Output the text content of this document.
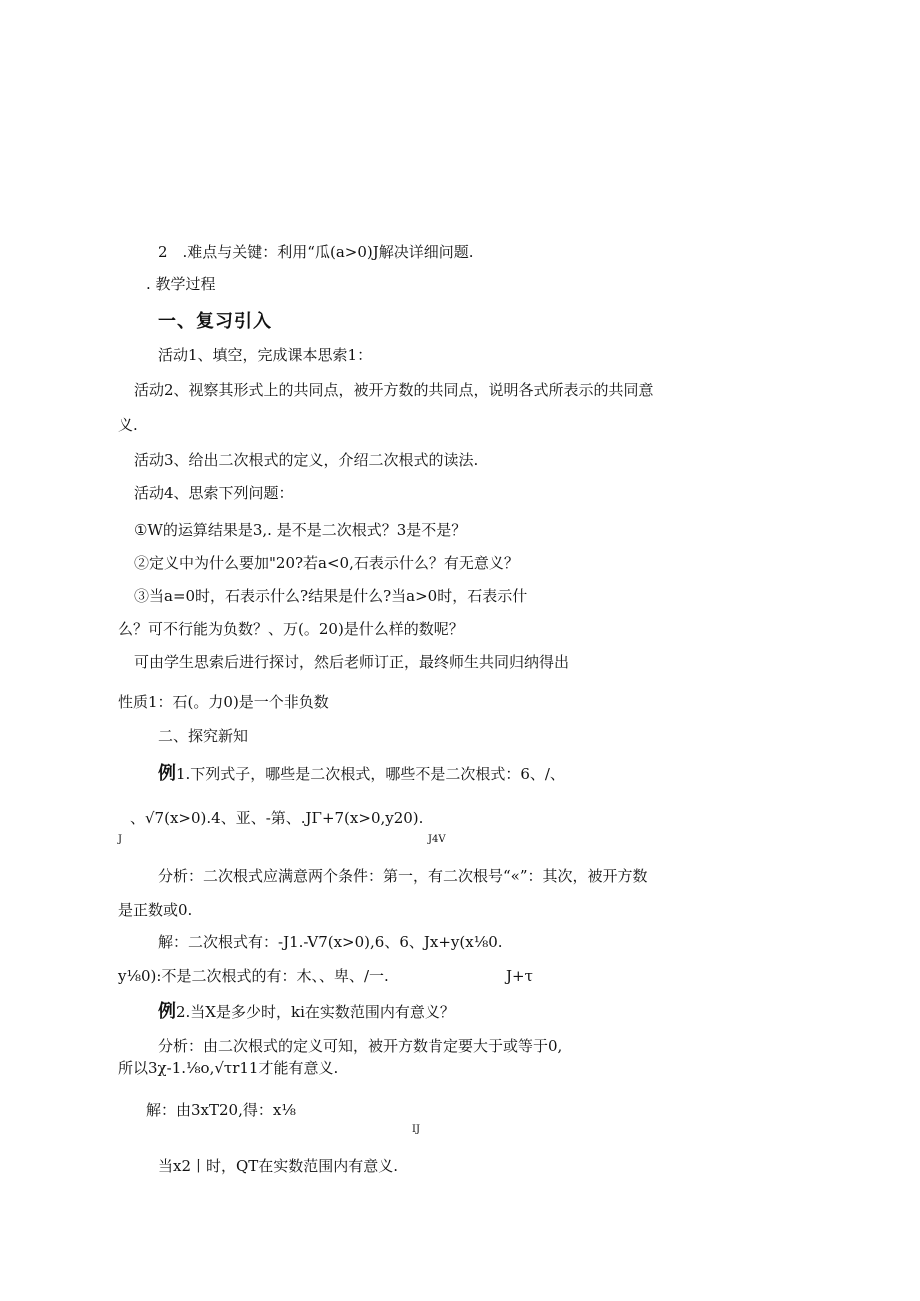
2　.难点与关键：利用“瓜(a>0)J解决详细问题.
. 教学过程
一、复习引入
活动1、填空，完成课本思索1：
活动2、视察其形式上的共同点，被开方数的共同点，说明各式所表示的共同意
义.
活动3、给出二次根式的定义，介绍二次根式的读法.
活动4、思索下列问题：
①W的运算结果是3,. 是不是二次根式？3是不是？
②定义中为什么要加"20?若a<0,石表示什么？有无意义？
③当a=0时，石表示什么?结果是什么?当a>0时，石表示什
么？可不行能为负数？、万(。20)是什么样的数呢？
可由学生思索后进行探讨，然后老师订正，最终师生共同归纳得出
性质1：石(。力0)是一个非负数
二、探究新知
例1.下列式子，哪些是二次根式，哪些不是二次根式：6、/、
、√7(x>0).4、亚、-第、.JΓ+7(x>0,y20).
J	J4V
分析：二次根式应满意两个条件：第一，有二次根号“«”：其次，被开方数
是正数或0.
解：二次根式有：-J1.-V7(x>0),6、6、Jx+y(x⅛0.
y⅛0):不是二次根式的有：木、、卑、/一.	J+τ
例2.当X是多少时，ki在实数范围内有意义？
分析：由二次根式的定义可知，被开方数肯定要大于或等于0,
所以3χ-1.⅛o,√τr11才能有意义.
解：由3xT20,得：x⅛
IJ
当x2丨时，QT在实数范围内有意义.
